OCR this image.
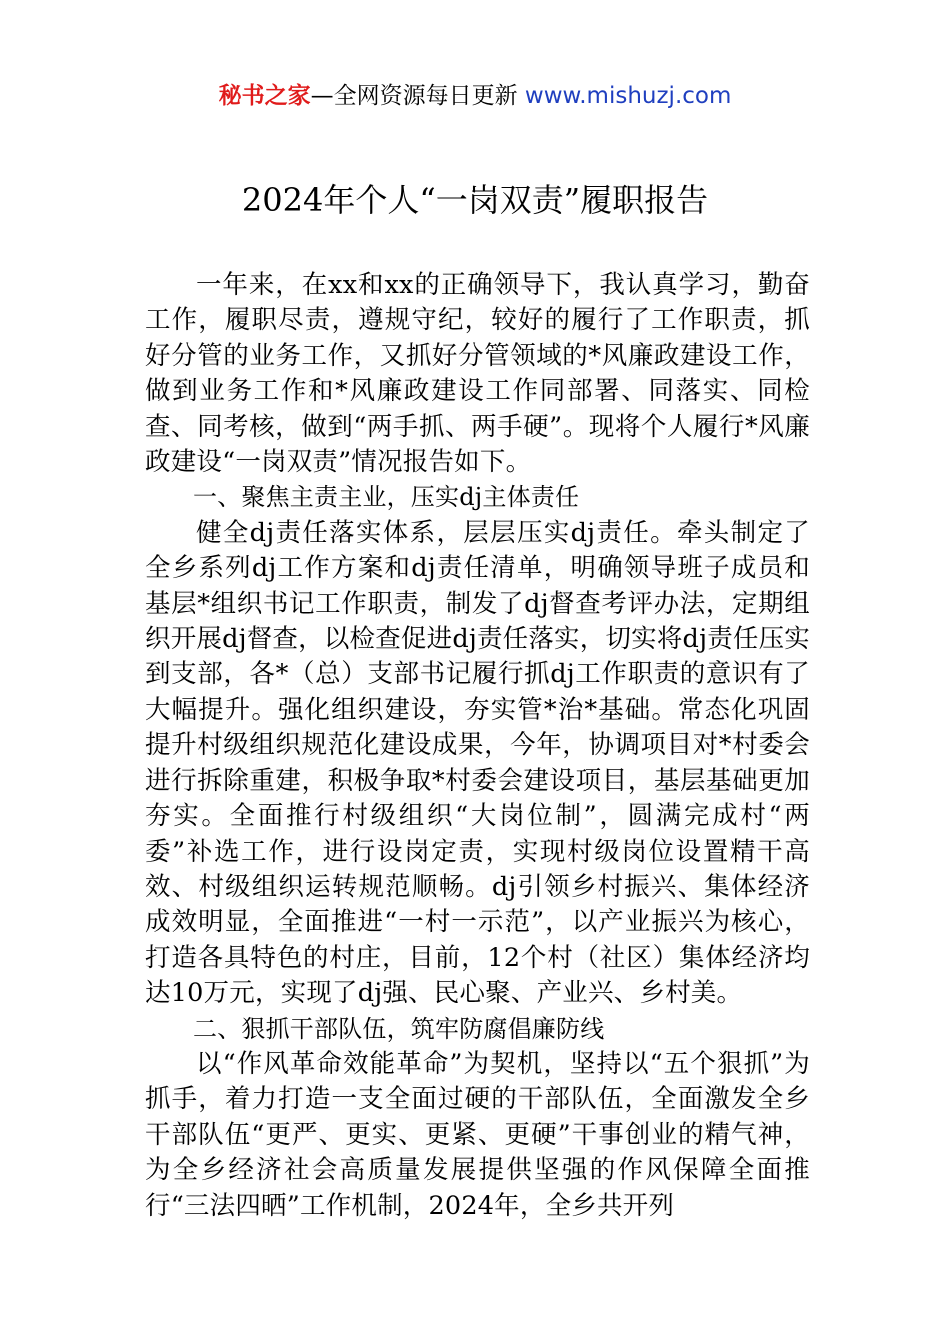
秘书之家—全网资源每日更新 www.mishuzj.com
2024年个人“一岗双责”履职报告

一年来，在xx和xx的正确领导下，我认真学习，勤奋工作，履职尽责，遵规守纪，较好的履行了工作职责，抓好分管的业务工作，又抓好分管领域的*风廉政建设工作，做到业务工作和*风廉政建设工作同部署、同落实、同检查、同考核，做到“两手抓、两手硬”。现将个人履行*风廉政建设“一岗双责”情况报告如下。

一、聚焦主责主业，压实dj主体责任

健全dj责任落实体系，层层压实dj责任。牵头制定了全乡系列dj工作方案和dj责任清单，明确领导班子成员和基层*组织书记工作职责，制发了dj督查考评办法，定期组织开展dj督查，以检查促进dj责任落实，切实将dj责任压实到支部，各*（总）支部书记履行抓dj工作职责的意识有了大幅提升。强化组织建设，夯实管*治*基础。常态化巩固提升村级组织规范化建设成果，今年，协调项目对*村委会进行拆除重建，积极争取*村委会建设项目，基层基础更加夯实。全面推行村级组织“大岗位制”，圆满完成村“两委”补选工作，进行设岗定责，实现村级岗位设置精干高效、村级组织运转规范顺畅。dj引领乡村振兴、集体经济成效明显，全面推进“一村一示范”，以产业振兴为核心，打造各具特色的村庄，目前，12个村（社区）集体经济均达10万元，实现了dj强、民心聚、产业兴、乡村美。

二、狠抓干部队伍，筑牢防腐倡廉防线

以“作风革命效能革命”为契机，坚持以“五个狠抓”为抓手，着力打造一支全面过硬的干部队伍，全面激发全乡干部队伍“更严、更实、更紧、更硬”干事创业的精气神，为全乡经济社会高质量发展提供坚强的作风保障全面推行“三法四晒”工作机制，2024年，全乡共开列
